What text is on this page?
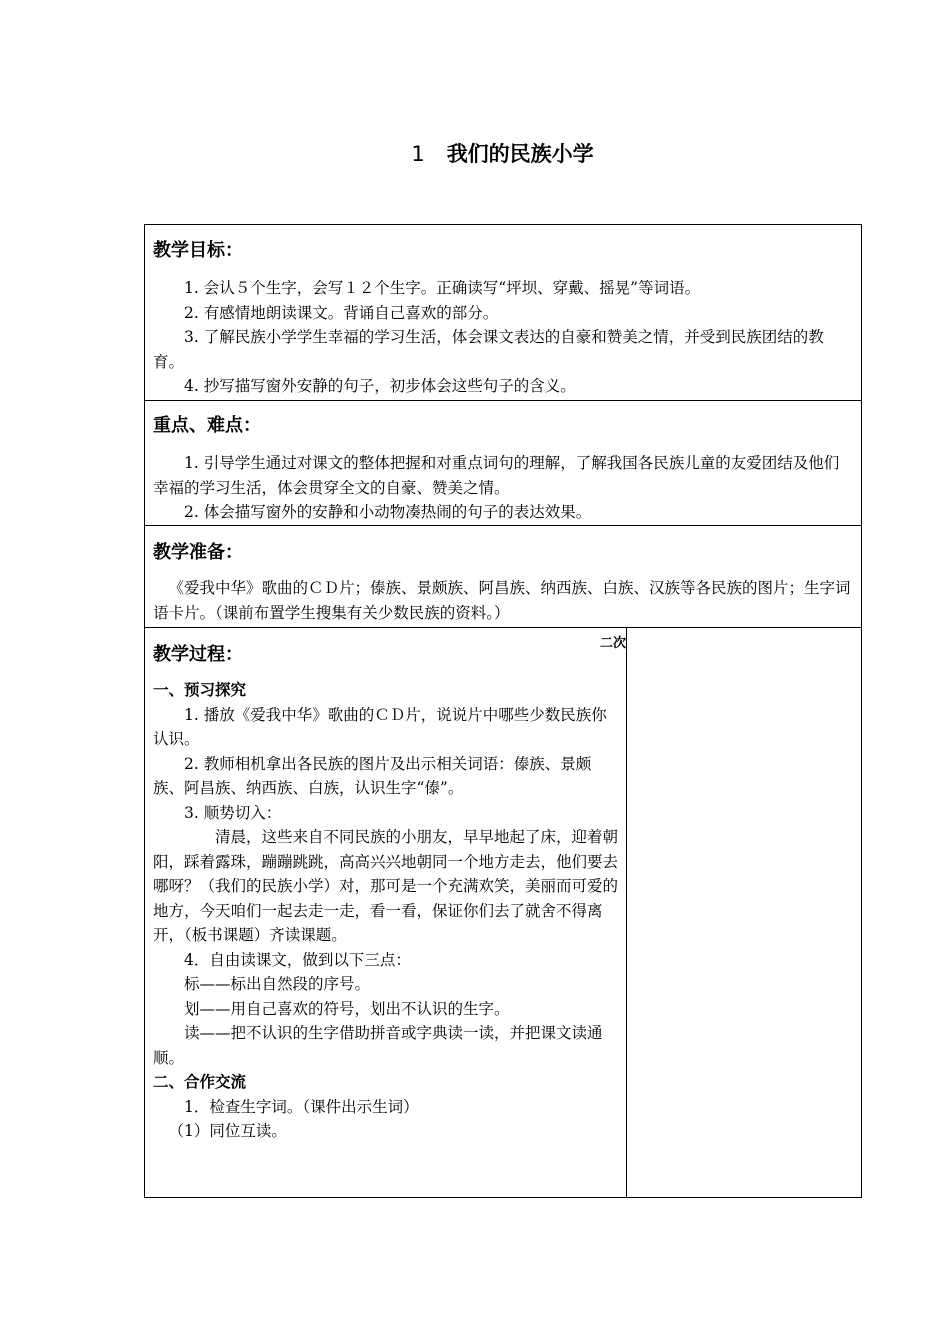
1 我们的民族小学

教学目标：

1. 会认５个生字，会写１２个生字。正确读写“坪坝、穿戴、摇晃”等词语。

2. 有感情地朗读课文。背诵自己喜欢的部分。

3. 了解民族小学学生幸福的学习生活，体会课文表达的自豪和赞美之情，并受到民族团结的教育。

4. 抄写描写窗外安静的句子，初步体会这些句子的含义。

重点、难点：

1. 引导学生通过对课文的整体把握和对重点词句的理解，了解我国各民族儿童的友爱团结及他们幸福的学习生活，体会贯穿全文的自豪、赞美之情。

2. 体会描写窗外的安静和小动物凑热闹的句子的表达效果。

教学准备：

《爱我中华》歌曲的ＣＤ片；傣族、景颇族、阿昌族、纳西族、白族、汉族等各民族的图片；生字词语卡片。（课前布置学生搜集有关少数民族的资料。）

二次

教学过程：

一、预习探究

1. 播放《爱我中华》歌曲的ＣＤ片，说说片中哪些少数民族你认识。

2. 教师相机拿出各民族的图片及出示相关词语：傣族、景颇族、阿昌族、纳西族、白族，认识生字“傣”。

3. 顺势切入：

清晨，这些来自不同民族的小朋友，早早地起了床，迎着朝阳，踩着露珠，蹦蹦跳跳，高高兴兴地朝同一个地方走去，他们要去哪呀？（我们的民族小学）对，那可是一个充满欢笑，美丽而可爱的地方，今天咱们一起去走一走，看一看，保证你们去了就舍不得离开，（板书课题）齐读课题。

4．自由读课文，做到以下三点：

标——标出自然段的序号。

划——用自己喜欢的符号，划出不认识的生字。

读——把不认识的生字借助拼音或字典读一读，并把课文读通顺。

二、合作交流

1．检查生字词。（课件出示生词）

（1）同位互读。
